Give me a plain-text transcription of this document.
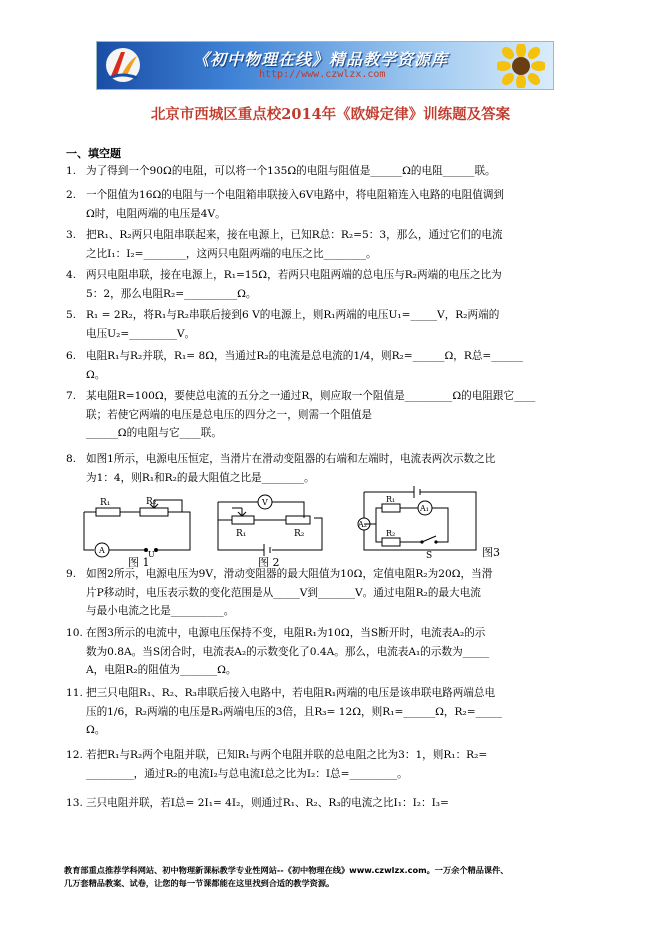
《初中物理在线》精品教学资源库
http://www.czwlzx.com
北京市西城区重点校2014年《欧姆定律》训练题及答案
一、填空题
1. 为了得到一个90Ω的电阻，可以将一个135Ω的电阻与阻值是______Ω的电阻______联。
2. 一个阻值为16Ω的电阻与一个电阻箱串联接入6V电路中，将电阻箱连入电路的电阻值调到
Ω时，电阻两端的电压是4V。
3. 把R₁、R₂两只电阻串联起来，接在电源上，已知R总：R₂=5：3，那么，通过它们的电流
之比I₁：I₂=________，这两只电阻两端的电压之比________。
4. 两只电阻串联，接在电源上，R₁=15Ω，若两只电阻两端的总电压与R₂两端的电压之比为
5：2，那么电阻R₂=__________Ω。
5. R₁ = 2R₂，将R₁与R₂串联后接到6 V的电源上，则R₁两端的电压U₁=_____V，R₂两端的
电压U₂=_________V。
6. 电阻R₁与R₂并联，R₁= 8Ω，当通过R₂的电流是总电流的1/4，则R₂=______Ω，R总=______
Ω。
7. 某电阻R=100Ω，要使总电流的五分之一通过R，则应取一个阻值是_________Ω的电阻跟它____
联；若使它两端的电压是总电压的四分之一，则需一个阻值是
______Ω的电阻与它____联。
8. 如图1所示，电源电压恒定，当滑片在滑动变阻器的右端和左端时，电流表两次示数之比
为1：4，则R₁和R₂的最大阻值之比是________。
9. 如图2所示，电源电压为9V，滑动变阻器的最大阻值为10Ω，定值电阻R₂为20Ω，当滑
片P移动时，电压表示数的变化范围是从_____V到_______V。通过电阻R₂的最大电流
与最小电流之比是__________。
10. 在图3所示的电流中，电源电压保持不变，电阻R₁为10Ω，当S断开时，电流表A₂的示
数为0.8A。当S闭合时，电流表A₂的示数变化了0.4A。那么，电流表A₁的示数为_____
A，电阻R₂的阻值为_______Ω。
11. 把三只电阻R₁、R₂、R₃串联后接入电路中，若电阻R₁两端的电压是该串联电路两端总电
压的1/6，R₂两端的电压是R₃两端电压的3倍，且R₃= 12Ω，则R₁=______Ω，R₂=_____
Ω。
12. 若把R₁与R₂两个电阻并联，已知R₁与两个电阻并联的总电阻之比为3：1，则R₁：R₂=
_________，通过R₂的电流I₂与总电流I总之比为I₂：I总=_________。
13. 三只电阻并联，若I总= 2I₁= 4I₂，则通过R₁、R₂、R₃的电流之比I₁：I₂：I₃=
R₁	R₂
A	U
图 1
V
R₁	R₂
图 2
A₂
R₁
A₁
R₂
S	图3
教育部重点推荐学科网站、初中物理新课标教学专业性网站--《初中物理在线》www.czwlzx.com。一万余个精品课件、
几万套精品教案、试卷，让您的每一节课都能在这里找到合适的教学资源。
